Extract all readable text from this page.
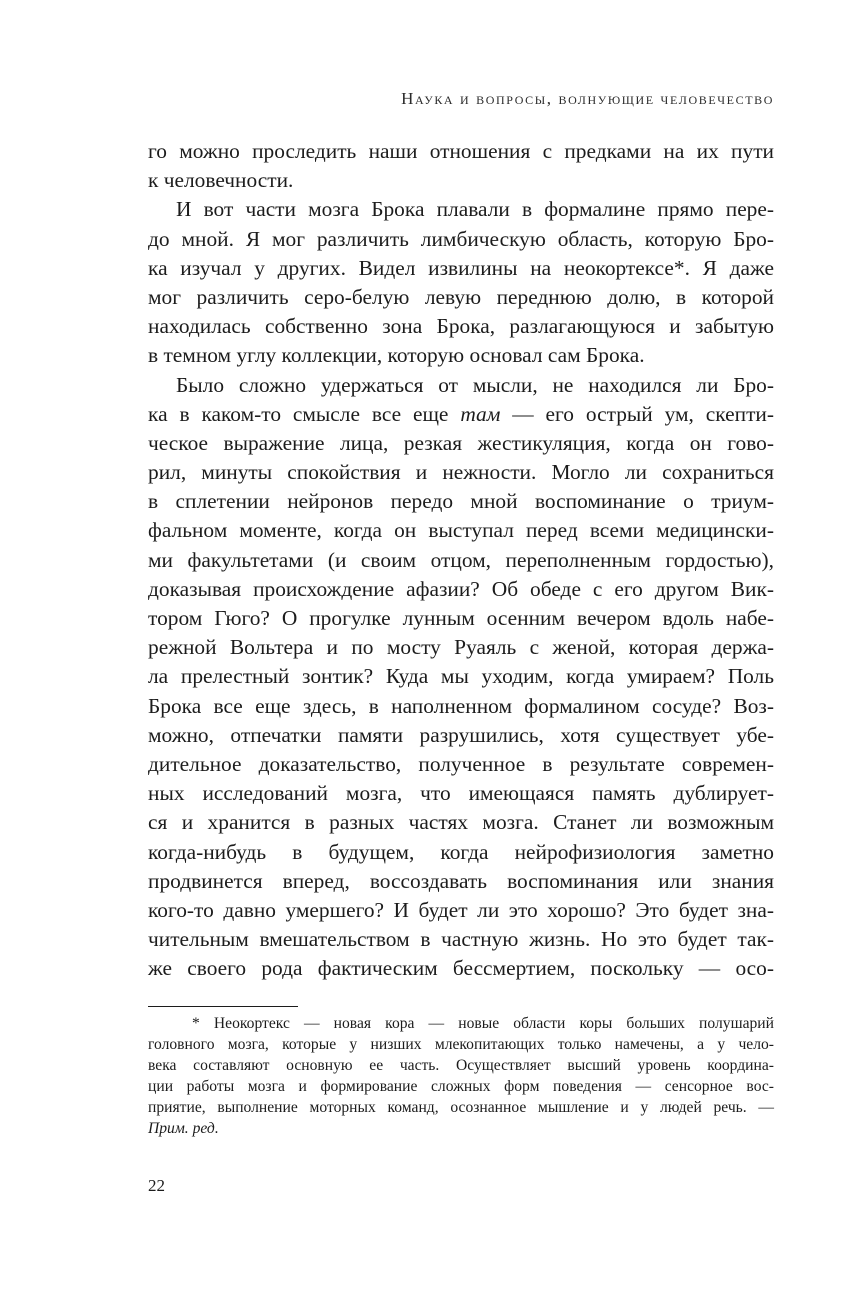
Наука и вопросы, волнующие человечество
го можно проследить наши отношения с предками на их пути
к человечности.
И вот части мозга Брока плавали в формалине прямо пере-
до мной. Я мог различить лимбическую область, которую Бро-
ка изучал у других. Видел извилины на неокортексе*. Я даже
мог различить серо-белую левую переднюю долю, в которой
находилась собственно зона Брока, разлагающуюся и забытую
в темном углу коллекции, которую основал сам Брока.
Было сложно удержаться от мысли, не находился ли Бро-
ка в каком-то смысле все еще там — его острый ум, скепти-
ческое выражение лица, резкая жестикуляция, когда он гово-
рил, минуты спокойствия и нежности. Могло ли сохраниться
в сплетении нейронов передо мной воспоминание о триум-
фальном моменте, когда он выступал перед всеми медицински-
ми факультетами (и своим отцом, переполненным гордостью),
доказывая происхождение афазии? Об обеде с его другом Вик-
тором Гюго? О прогулке лунным осенним вечером вдоль набе-
режной Вольтера и по мосту Руаяль с женой, которая держа-
ла прелестный зонтик? Куда мы уходим, когда умираем? Поль
Брока все еще здесь, в наполненном формалином сосуде? Воз-
можно, отпечатки памяти разрушились, хотя существует убе-
дительное доказательство, полученное в результате современ-
ных исследований мозга, что имеющаяся память дублирует-
ся и хранится в разных частях мозга. Станет ли возможным
когда-нибудь в будущем, когда нейрофизиология заметно
продвинется вперед, воссоздавать воспоминания или знания
кого-то давно умершего? И будет ли это хорошо? Это будет зна-
чительным вмешательством в частную жизнь. Но это будет так-
же своего рода фактическим бессмертием, поскольку — осо-
* Неокортекс — новая кора — новые области коры больших полушарий
головного мозга, которые у низших млекопитающих только намечены, а у чело-
века составляют основную ее часть. Осуществляет высший уровень координа-
ции работы мозга и формирование сложных форм поведения — сенсорное вос-
приятие, выполнение моторных команд, осознанное мышление и у людей речь. —
Прим. ред.
22
